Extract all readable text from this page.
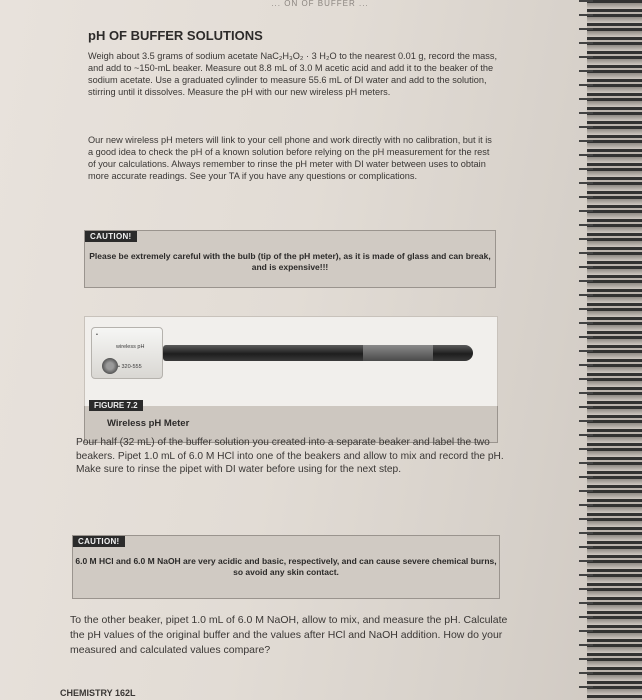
... ON OF BUFFER ...
pH OF BUFFER SOLUTIONS
Weigh about 3.5 grams of sodium acetate NaC₂H₃O₂ · 3 H₂O to the nearest 0.01 g, record the mass, and add to ~150-mL beaker. Measure out 8.8 mL of 3.0 M acetic acid and add it to the beaker of the sodium acetate. Use a graduated cylinder to measure 55.6 mL of DI water and add to the solution, stirring until it dissolves. Measure the pH with our new wireless pH meters.
Our new wireless pH meters will link to your cell phone and work directly with no calibration, but it is a good idea to check the pH of a known solution before relying on the pH measurement for the rest of your calculations. Always remember to rinse the pH meter with DI water between uses to obtain more accurate readings. See your TA if you have any questions or complications.
CAUTION!
Please be extremely careful with the bulb (tip of the pH meter), as it is made of glass and can break, and is expensive!!!
•
wireless pH
• 320-555
FIGURE 7.2
Wireless pH Meter
Pour half (32 mL) of the buffer solution you created into a separate beaker and label the two beakers. Pipet 1.0 mL of 6.0 M HCl into one of the beakers and allow to mix and record the pH. Make sure to rinse the pipet with DI water before using for the next step.
CAUTION!
6.0 M HCl and 6.0 M NaOH are very acidic and basic, respectively, and can cause severe chemical burns, so avoid any skin contact.
To the other beaker, pipet 1.0 mL of 6.0 M NaOH, allow to mix, and measure the pH. Calculate the pH values of the original buffer and the values after HCl and NaOH addition. How do your measured and calculated values compare?
CHEMISTRY 162L
